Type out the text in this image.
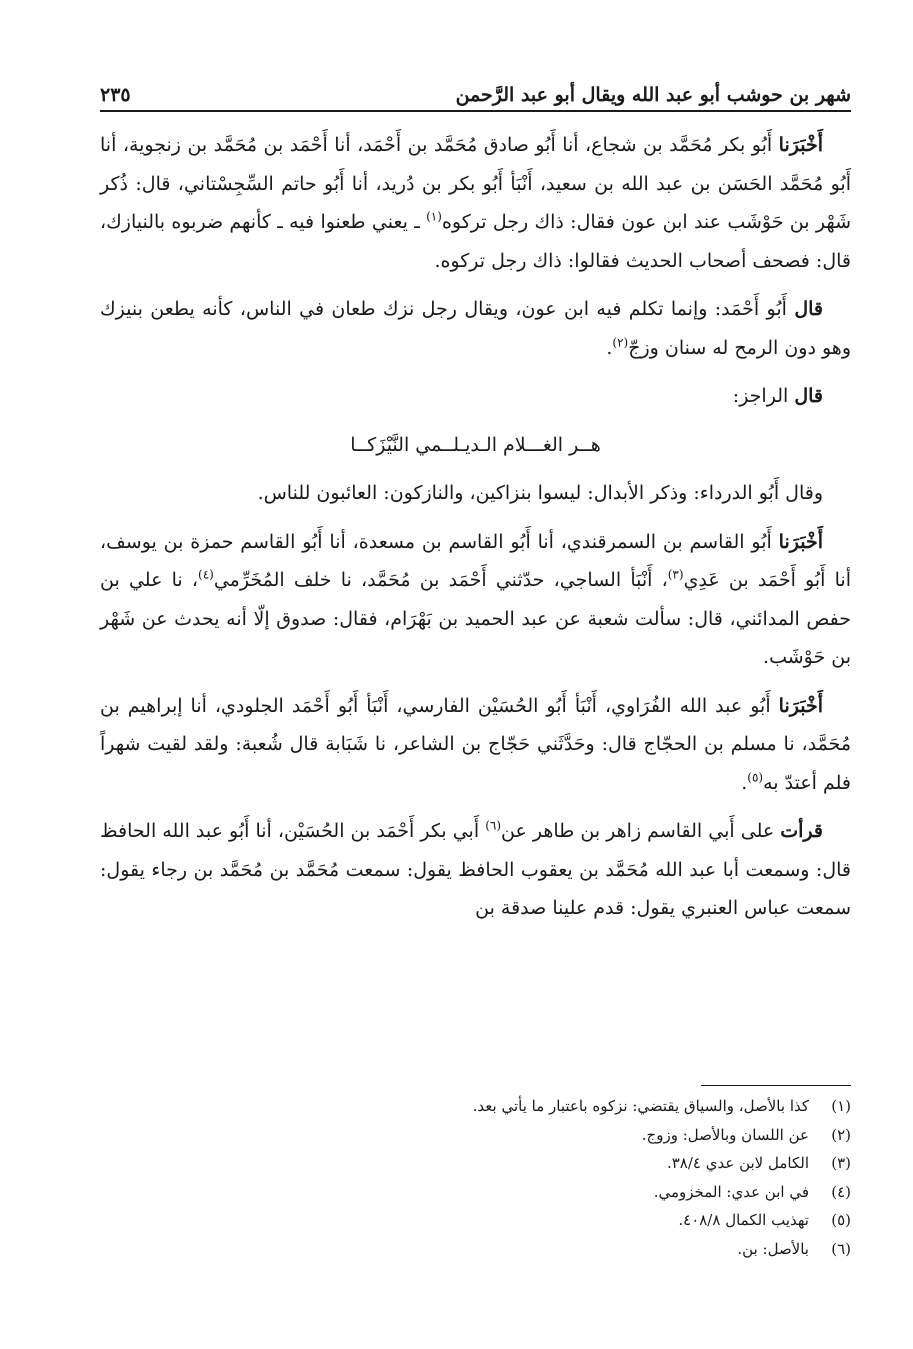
شهر بن حوشب أبو عبد الله ويقال أبو عبد الرَّحمن
٢٣٥

أَخْبَرَنا أَبُو بكر مُحَمَّد بن شجاع، أنا أَبُو صادق مُحَمَّد بن أَحْمَد، أنا أَحْمَد بن مُحَمَّد بن زنجوية، أنا أَبُو مُحَمَّد الحَسَن بن عبد الله بن سعيد، أَنْبَأ أَبُو بكر بن دُريد، أنا أَبُو حاتم السِّجِسْتاني، قال: ذُكر شَهْر بن حَوْشَب عند ابن عون فقال: ذاك رجل تركوه$^{(١)}$ ـ يعني طعنوا فيه ـ كأنهم ضربوه بالنيازك، قال: فصحف أصحاب الحديث فقالوا: ذاك رجل تركوه.

قال أَبُو أَحْمَد: وإنما تكلم فيه ابن عون، ويقال رجل نزك طعان في الناس، كأنه يطعن بنيزك وهو دون الرمح له سنان وزجّ$^{(٢)}$.

قال الراجز:

هــر الغـــلام الـديـلــمي النَّيْزَكــا

وقال أَبُو الدرداء: وذكر الأبدال: ليسوا بنزاكين، والنازكون: العائبون للناس.

أَخْبَرَنا أَبُو القاسم بن السمرقندي، أنا أَبُو القاسم بن مسعدة، أنا أَبُو القاسم حمزة بن يوسف، أنا أَبُو أَحْمَد بن عَدِي$^{(٣)}$، أَنْبَأ الساجي، حدّثني أَحْمَد بن مُحَمَّد، نا خلف المُخَرِّمي$^{(٤)}$، نا علي بن حفص المدائني، قال: سألت شعبة عن عبد الحميد بن بَهْرَام، فقال: صدوق إلّا أنه يحدث عن شَهْر بن حَوْشَب.

أَخْبَرَنا أَبُو عبد الله الفُرَاوي، أَنْبَأ أَبُو الحُسَيْن الفارسي، أَنْبَأ أَبُو أَحْمَد الجلودي، أنا إبراهيم بن مُحَمَّد، نا مسلم بن الحجّاج قال: وحَدَّثَني حَجّاج بن الشاعر، نا شَبَابة قال شُعبة: ولقد لقيت شهراً فلم أعتدّ به$^{(٥)}$.

قرأت على أَبي القاسم زاهر بن طاهر عن$^{(٦)}$ أَبي بكر أَحْمَد بن الحُسَيْن، أنا أَبُو عبد الله الحافظ قال: وسمعت أبا عبد الله مُحَمَّد بن يعقوب الحافظ يقول: سمعت مُحَمَّد بن مُحَمَّد بن رجاء يقول: سمعت عباس العنبري يقول: قدم علينا صدقة بن

(١)
كذا بالأصل، والسياق يقتضي: نزكوه باعتبار ما يأتي بعد.
(٢)
عن اللسان وبالأصل: وزوج.
(٣)
الكامل لابن عدي ٣٨/٤.
(٤)
في ابن عدي: المخزومي.
(٥)
تهذيب الكمال ٤٠٨/٨.
(٦)
بالأصل: بن.
